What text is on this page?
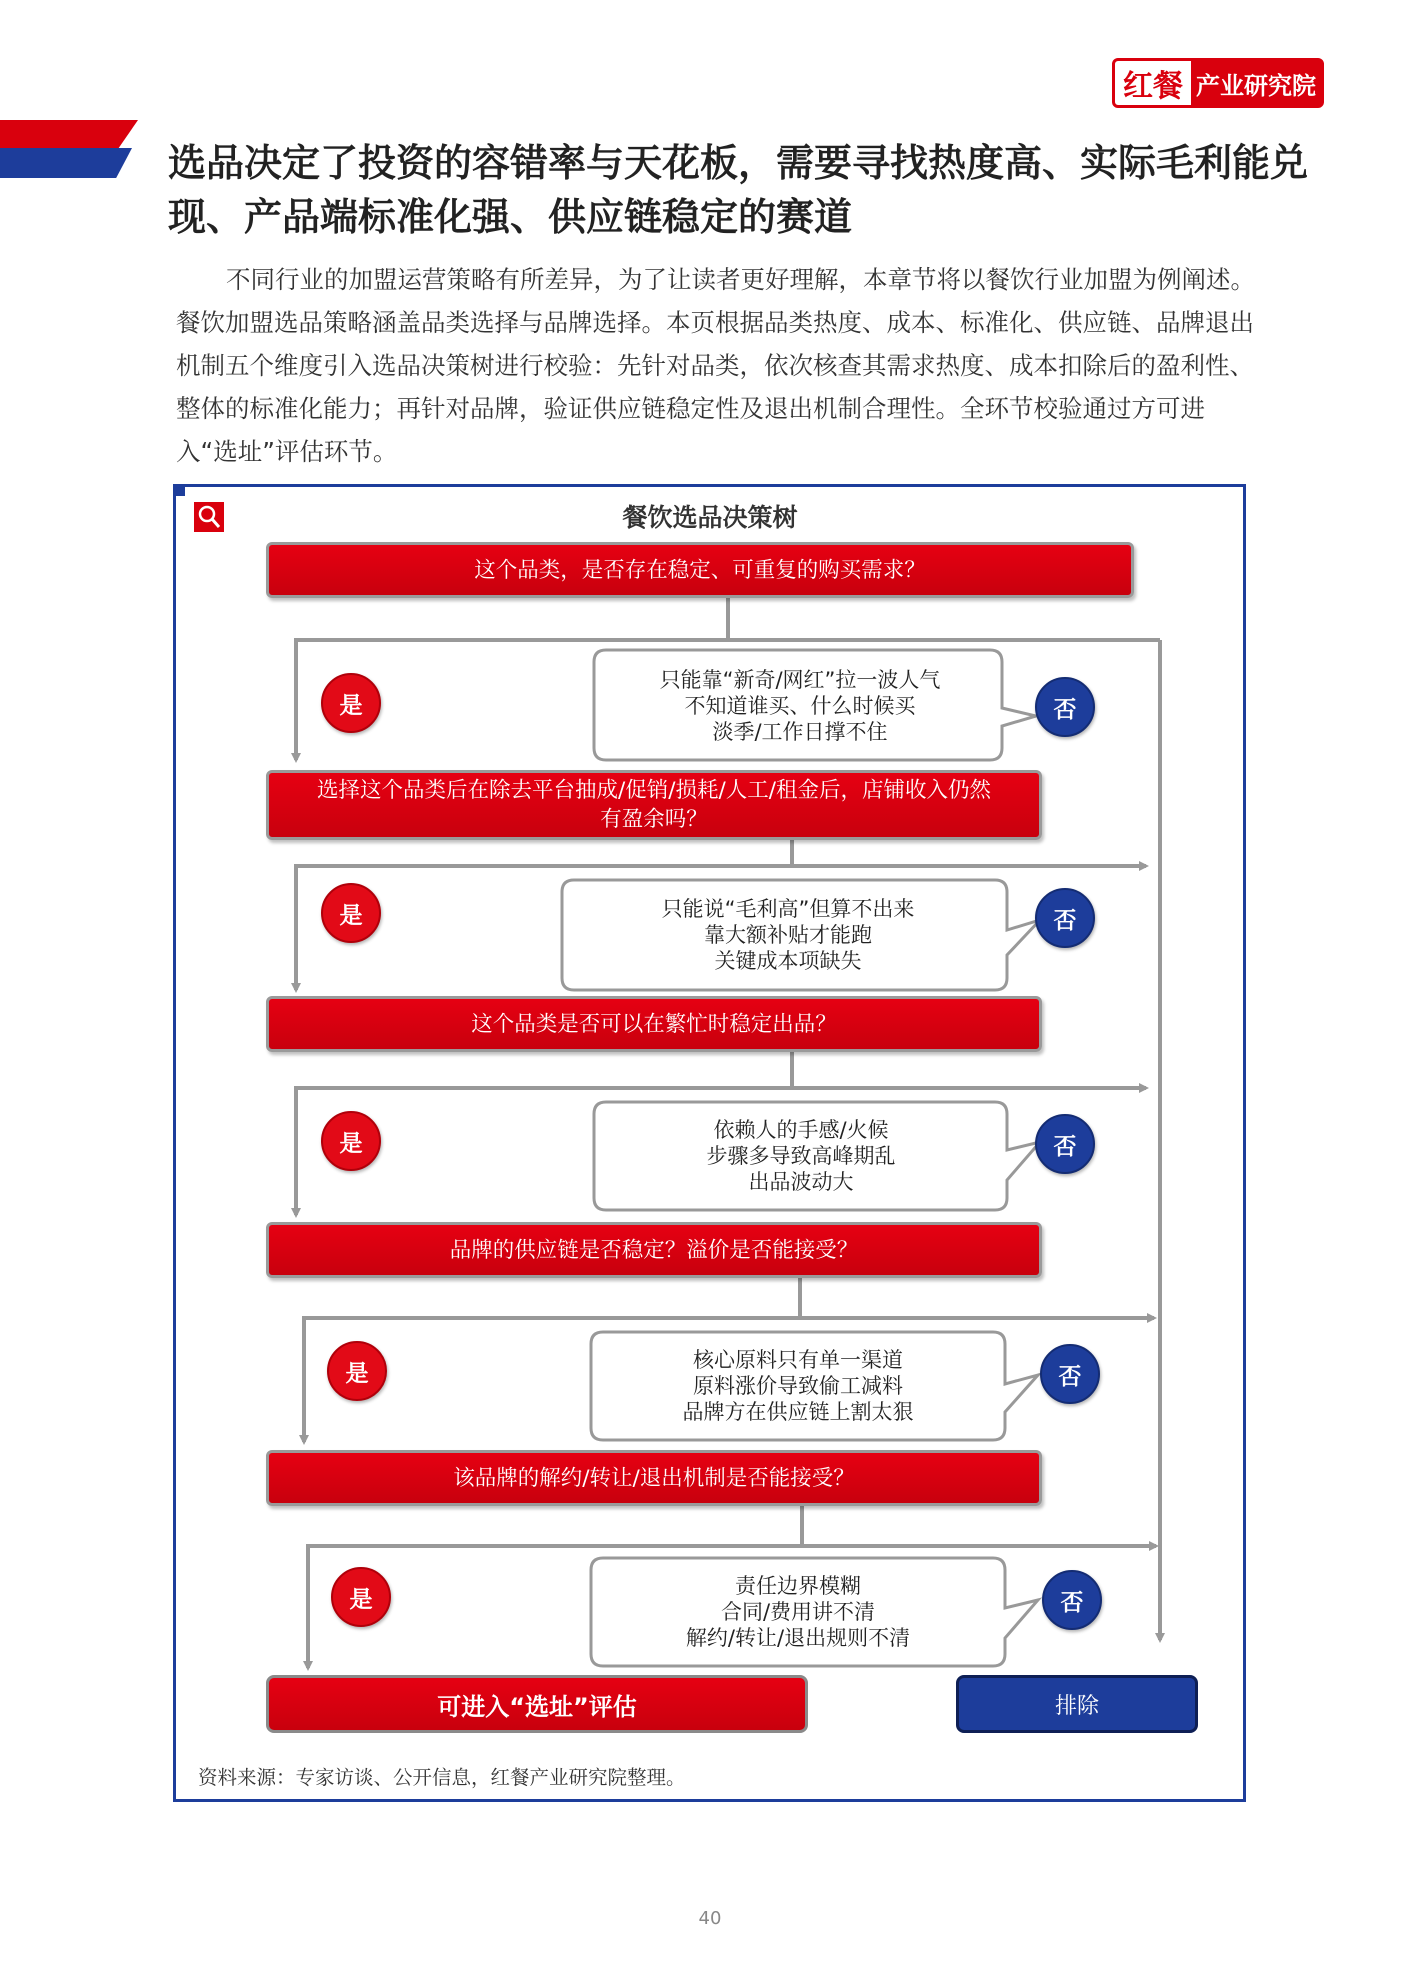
红餐 产业研究院
选品决定了投资的容错率与天花板，需要寻找热度高、实际毛利能兑现、产品端标准化强、供应链稳定的赛道
不同行业的加盟运营策略有所差异，为了让读者更好理解，本章节将以餐饮行业加盟为例阐述。餐饮加盟选品策略涵盖品类选择与品牌选择。本页根据品类热度、成本、标准化、供应链、品牌退出机制五个维度引入选品决策树进行校验：先针对品类，依次核查其需求热度、成本扣除后的盈利性、整体的标准化能力；再针对品牌，验证供应链稳定性及退出机制合理性。全环节校验通过方可进入“选址”评估环节。
餐饮选品决策树
这个品类，是否存在稳定、可重复的购买需求？
是
只能靠“新奇/网红”拉一波人气
不知道谁买、什么时候买
淡季/工作日撑不住
否
选择这个品类后在除去平台抽成/促销/损耗/人工/租金后，店铺收入仍然有盈余吗？
是	只能说“毛利高”但算不出来
靠大额补贴才能跑
关键成本项缺失
否
这个品类是否可以在繁忙时稳定出品？
是
依赖人的手感/火候
步骤多导致高峰期乱
出品波动大
否
品牌的供应链是否稳定？溢价是否能接受？
是
核心原料只有单一渠道
原料涨价导致偷工减料
品牌方在供应链上割太狠
否
该品牌的解约/转让/退出机制是否能接受？
是
责任边界模糊
合同/费用讲不清
解约/转让/退出规则不清
否
可进入“选址”评估	排除
资料来源：专家访谈、公开信息，红餐产业研究院整理。
40
